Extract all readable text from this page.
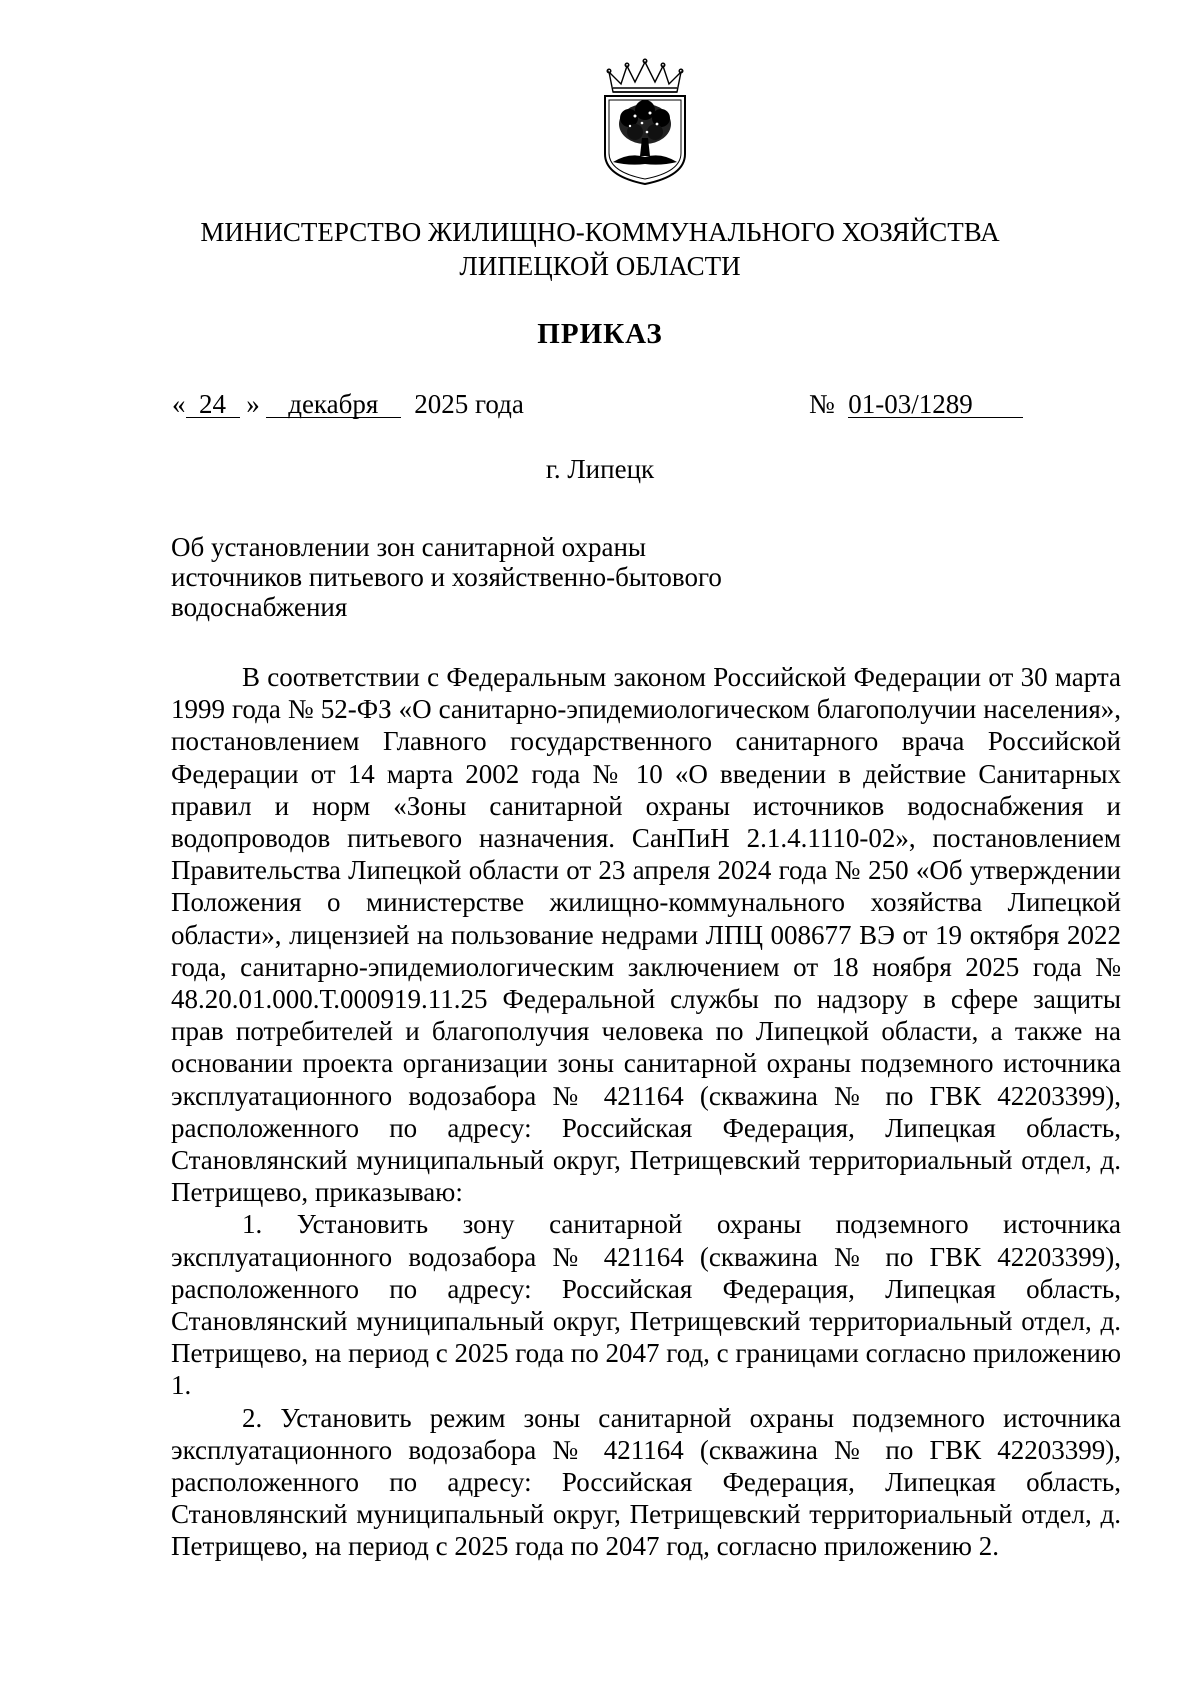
МИНИСТЕРСТВО ЖИЛИЩНО-КОММУНАЛЬНОГО ХОЗЯЙСТВА
ЛИПЕЦКОЙ ОБЛАСТИ
ПРИКАЗ
« 24 » декабря 2025 года	№ 01-03/1289
г. Липецк
Об установлении зон санитарной охраны
источников питьевого и хозяйственно-бытового
водоснабжения

В соответствии с Федеральным законом Российской Федерации от 30 марта 1999 года № 52-ФЗ «О санитарно-эпидемиологическом благополучии населения», постановлением Главного государственного санитарного врача Российской Федерации от 14 марта 2002 года № 10 «О введении в действие Санитарных правил и норм «Зоны санитарной охраны источников водоснабжения и водопроводов питьевого назначения. СанПиН 2.1.4.1110-02», постановлением Правительства Липецкой области от 23 апреля 2024 года № 250 «Об утверждении Положения о министерстве жилищно-коммунального хозяйства Липецкой области», лицензией на пользование недрами ЛПЦ 008677 ВЭ от 19 октября 2022 года, санитарно-эпидемиологическим заключением от 18 ноября 2025 года № 48.20.01.000.Т.000919.11.25 Федеральной службы по надзору в сфере защиты прав потребителей и благополучия человека по Липецкой области, а также на основании проекта организации зоны санитарной охраны подземного источника эксплуатационного водозабора № 421164 (скважина № по ГВК 42203399), расположенного по адресу: Российская Федерация, Липецкая область, Становлянский муниципальный округ, Петрищевский территориальный отдел, д. Петрищево, приказываю:

1. Установить зону санитарной охраны подземного источника эксплуатационного водозабора № 421164 (скважина № по ГВК 42203399), расположенного по адресу: Российская Федерация, Липецкая область, Становлянский муниципальный округ, Петрищевский территориальный отдел, д. Петрищево, на период с 2025 года по 2047 год, с границами согласно приложению 1.

2. Установить режим зоны санитарной охраны подземного источника эксплуатационного водозабора № 421164 (скважина № по ГВК 42203399), расположенного по адресу: Российская Федерация, Липецкая область, Становлянский муниципальный округ, Петрищевский территориальный отдел, д. Петрищево, на период с 2025 года по 2047 год, согласно приложению 2.
